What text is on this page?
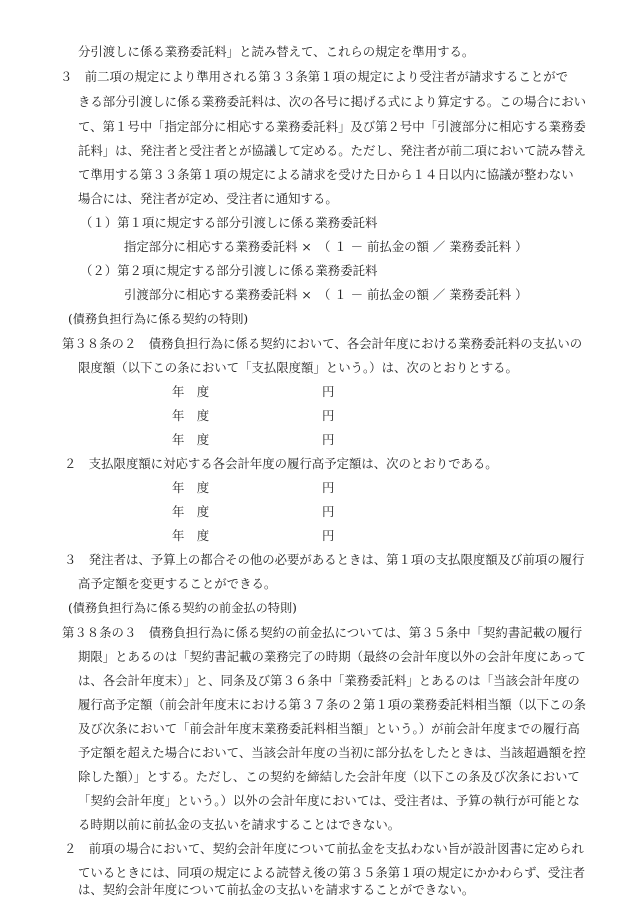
分引渡しに係る業務委託料」と読み替えて、これらの規定を準用する。
３　前二項の規定により準用される第３３条第１項の規定により受注者が請求することがで
きる部分引渡しに係る業務委託料は、次の各号に掲げる式により算定する。この場合におい
て、第１号中「指定部分に相応する業務委託料」及び第２号中「引渡部分に相応する業務委
託料」は、発注者と受注者とが協議して定める。ただし、発注者が前二項において読み替え
て準用する第３３条第１項の規定による請求を受けた日から１４日以内に協議が整わない
場合には、発注者が定め、受注者に通知する。
（１）第１項に規定する部分引渡しに係る業務委託料
指定部分に相応する業務委託料 ×　（ １ － 前払金の額 ／ 業務委託料 ）
（２）第２項に規定する部分引渡しに係る業務委託料
引渡部分に相応する業務委託料 ×　（ １ － 前払金の額 ／ 業務委託料 ）
(債務負担行為に係る契約の特則)
第３８条の２　債務負担行為に係る契約において、各会計年度における業務委託料の支払いの
限度額（以下この条において「支払限度額」という。）は、次のとおりとする。
年　度	円
年　度	円
年　度	円
２　支払限度額に対応する各会計年度の履行高予定額は、次のとおりである。
年　度	円
年　度	円
年　度	円
３　発注者は、予算上の都合その他の必要があるときは、第１項の支払限度額及び前項の履行
高予定額を変更することができる。
(債務負担行為に係る契約の前金払の特則)
第３８条の３　債務負担行為に係る契約の前金払については、第３５条中「契約書記載の履行
期限」とあるのは「契約書記載の業務完了の時期（最終の会計年度以外の会計年度にあって
は、各会計年度末）」と、同条及び第３６条中「業務委託料」とあるのは「当該会計年度の
履行高予定額（前会計年度末における第３７条の２第１項の業務委託料相当額（以下この条
及び次条において「前会計年度末業務委託料相当額」という。）が前会計年度までの履行高
予定額を超えた場合において、当該会計年度の当初に部分払をしたときは、当該超過額を控
除した額）」とする。ただし、この契約を締結した会計年度（以下この条及び次条において
「契約会計年度」という。）以外の会計年度においては、受注者は、予算の執行が可能とな
る時期以前に前払金の支払いを請求することはできない。
２　前項の場合において、契約会計年度について前払金を支払わない旨が設計図書に定められ
ているときには、同項の規定による読替え後の第３５条第１項の規定にかかわらず、受注者
は、契約会計年度について前払金の支払いを請求することができない。
